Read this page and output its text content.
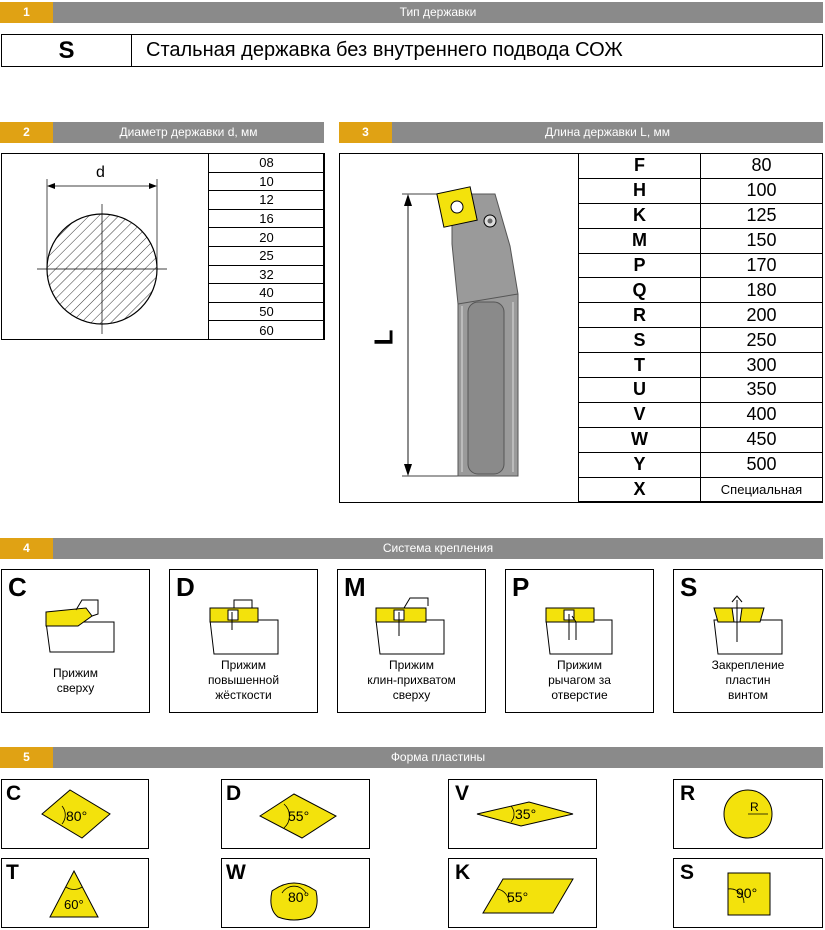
1	Тип державки
S	Стальная державка без внутреннего подвода СОЖ
2	Диаметр державки d, мм
d
08
10
12
16
20
25
32
40
50
60
3	Длина державки L, мм
L
F	80
H	100
K	125
M	150
P	170
Q	180
R	200
S	250
T	300
U	350
V	400
W	450
Y	500
X	Специальная
4	Система крепления
C
Прижим
сверху
D
Прижим
повышенной
жёсткости
M
Прижим
клин-прихватом
сверху
P
Прижим
рычагом за
отверстие
S
Закрепление
пластин
винтом
5	Форма пластины
C
80°
D
55°
V
35°
R
R
T
60°
W
80°
K
55°
S
90°
